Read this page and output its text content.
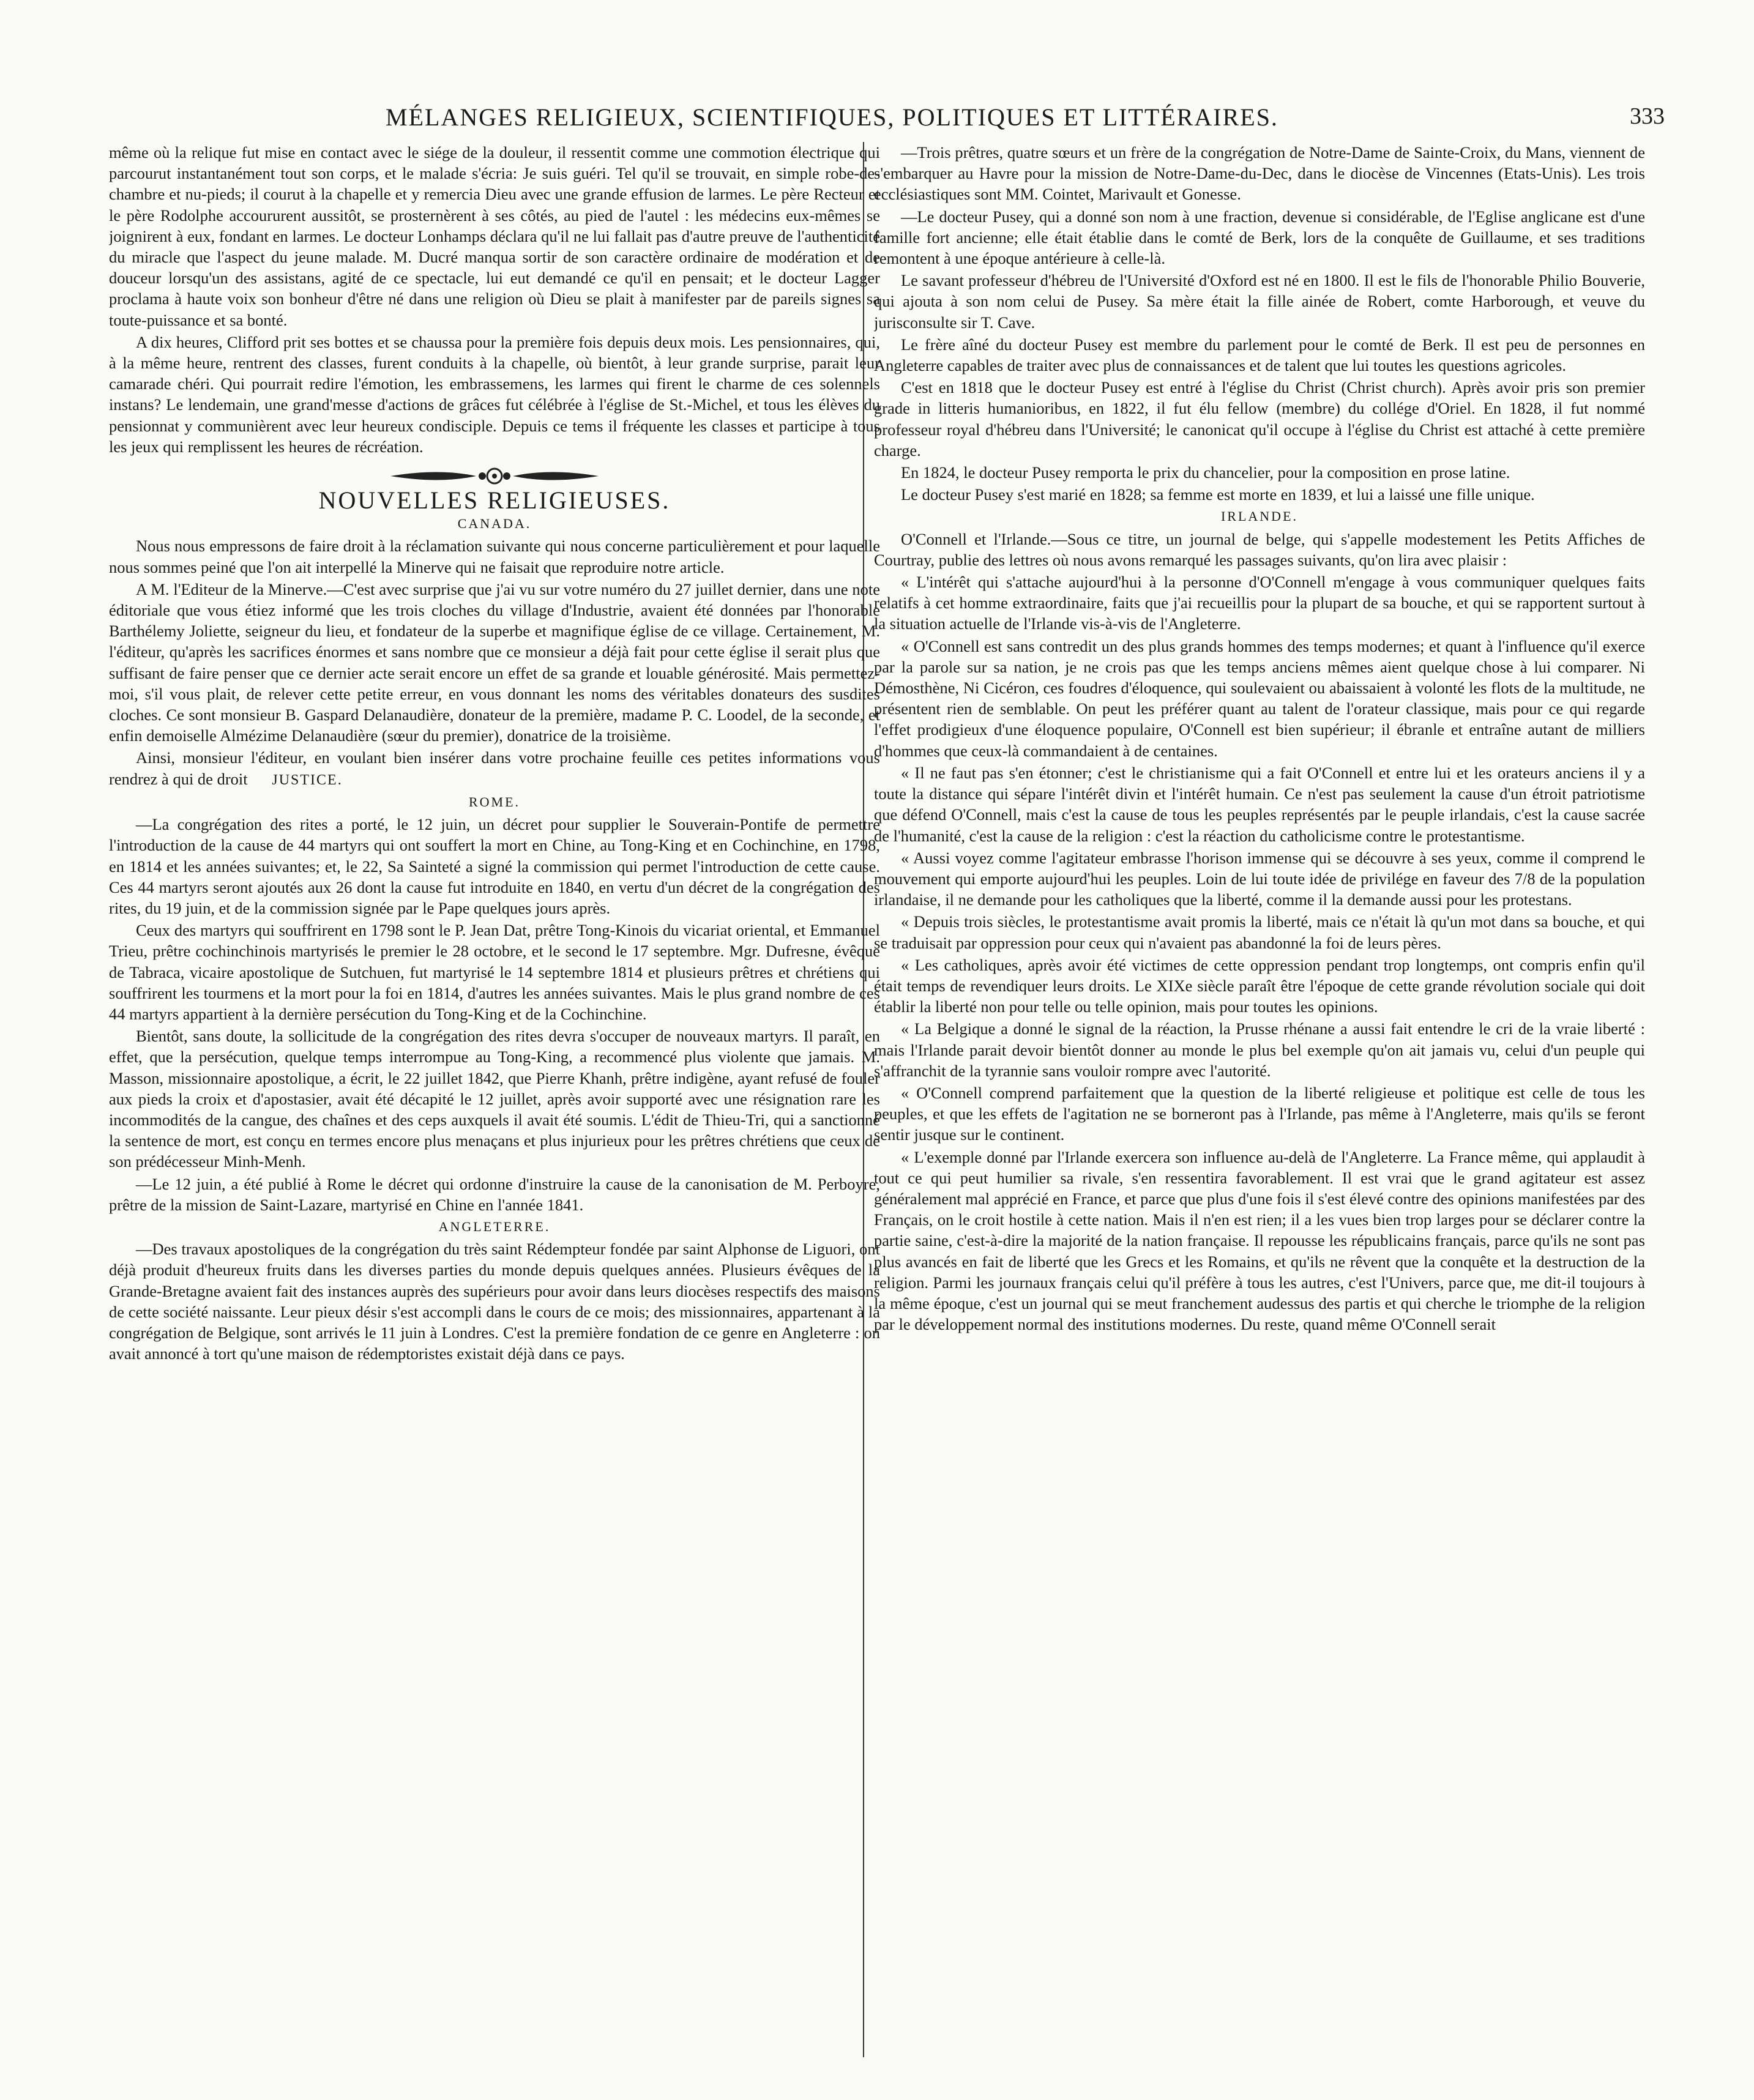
MÉLANGES RELIGIEUX, SCIENTIFIQUES, POLITIQUES ET LITTÉRAIRES.	333

même où la relique fut mise en contact avec le siége de la douleur, il ressentit comme une commotion électrique qui parcourut instantanément tout son corps, et le malade s'écria: Je suis guéri. Tel qu'il se trouvait, en simple robe-de-chambre et nu-pieds; il courut à la chapelle et y remercia Dieu avec une grande effusion de larmes. Le père Recteur et le père Rodolphe accoururent aussitôt, se prosternèrent à ses côtés, au pied de l'autel : les médecins eux-mêmes se joignirent à eux, fondant en larmes. Le docteur Lonhamps déclara qu'il ne lui fallait pas d'autre preuve de l'authenticité du miracle que l'aspect du jeune malade. M. Ducré manqua sortir de son caractère ordinaire de modération et de douceur lorsqu'un des assistans, agité de ce spectacle, lui eut demandé ce qu'il en pensait; et le docteur Lagger proclama à haute voix son bonheur d'être né dans une religion où Dieu se plait à manifester par de pareils signes sa toute-puissance et sa bonté.

A dix heures, Clifford prit ses bottes et se chaussa pour la première fois depuis deux mois. Les pensionnaires, qui, à la même heure, rentrent des classes, furent conduits à la chapelle, où bientôt, à leur grande surprise, parait leur camarade chéri. Qui pourrait redire l'émotion, les embrassemens, les larmes qui firent le charme de ces solennels instans? Le lendemain, une grand'messe d'actions de grâces fut célébrée à l'église de St.-Michel, et tous les élèves du pensionnat y communièrent avec leur heureux condisciple. Depuis ce tems il fréquente les classes et participe à tous les jeux qui remplissent les heures de récréation.

NOUVELLES RELIGIEUSES.
CANADA.

Nous nous empressons de faire droit à la réclamation suivante qui nous concerne particulièrement et pour laquelle nous sommes peiné que l'on ait interpellé la Minerve qui ne faisait que reproduire notre article.

A M. l'Editeur de la Minerve.—C'est avec surprise que j'ai vu sur votre numéro du 27 juillet dernier, dans une note éditoriale que vous étiez informé que les trois cloches du village d'Industrie, avaient été données par l'honorable Barthélemy Joliette, seigneur du lieu, et fondateur de la superbe et magnifique église de ce village. Certainement, M. l'éditeur, qu'après les sacrifices énormes et sans nombre que ce monsieur a déjà fait pour cette église il serait plus que suffisant de faire penser que ce dernier acte serait encore un effet de sa grande et louable générosité. Mais permettez-moi, s'il vous plait, de relever cette petite erreur, en vous donnant les noms des véritables donateurs des susdites cloches. Ce sont monsieur B. Gaspard Delanaudière, donateur de la première, madame P. C. Loodel, de la seconde, et enfin demoiselle Almézime Delanaudière (sœur du premier), donatrice de la troisième.

Ainsi, monsieur l'éditeur, en voulant bien insérer dans votre prochaine feuille ces petites informations vous rendrez à qui de droit JUSTICE.

ROME.

—La congrégation des rites a porté, le 12 juin, un décret pour supplier le Souverain-Pontife de permettre l'introduction de la cause de 44 martyrs qui ont souffert la mort en Chine, au Tong-King et en Cochinchine, en 1798, en 1814 et les années suivantes; et, le 22, Sa Sainteté a signé la commission qui permet l'introduction de cette cause. Ces 44 martyrs seront ajoutés aux 26 dont la cause fut introduite en 1840, en vertu d'un décret de la congrégation des rites, du 19 juin, et de la commission signée par le Pape quelques jours après.

Ceux des martyrs qui souffrirent en 1798 sont le P. Jean Dat, prêtre Tong-Kinois du vicariat oriental, et Emmanuel Trieu, prêtre cochinchinois martyrisés le premier le 28 octobre, et le second le 17 septembre. Mgr. Dufresne, évêque de Tabraca, vicaire apostolique de Sutchuen, fut martyrisé le 14 septembre 1814 et plusieurs prêtres et chrétiens qui souffrirent les tourmens et la mort pour la foi en 1814, d'autres les années suivantes. Mais le plus grand nombre de ces 44 martyrs appartient à la dernière persécution du Tong-King et de la Cochinchine.

Bientôt, sans doute, la sollicitude de la congrégation des rites devra s'occuper de nouveaux martyrs. Il paraît, en effet, que la persécution, quelque temps interrompue au Tong-King, a recommencé plus violente que jamais. M. Masson, missionnaire apostolique, a écrit, le 22 juillet 1842, que Pierre Khanh, prêtre indigène, ayant refusé de fouler aux pieds la croix et d'apostasier, avait été décapité le 12 juillet, après avoir supporté avec une résignation rare les incommodités de la cangue, des chaînes et des ceps auxquels il avait été soumis. L'édit de Thieu-Tri, qui a sanctionné la sentence de mort, est conçu en termes encore plus menaçans et plus injurieux pour les prêtres chrétiens que ceux de son prédécesseur Minh-Menh.

—Le 12 juin, a été publié à Rome le décret qui ordonne d'instruire la cause de la canonisation de M. Perboyre, prêtre de la mission de Saint-Lazare, martyrisé en Chine en l'année 1841.

ANGLETERRE.

—Des travaux apostoliques de la congrégation du très saint Rédempteur fondée par saint Alphonse de Liguori, ont déjà produit d'heureux fruits dans les diverses parties du monde depuis quelques années. Plusieurs évêques de la Grande-Bretagne avaient fait des instances auprès des supérieurs pour avoir dans leurs diocèses respectifs des maisons de cette société naissante. Leur pieux désir s'est accompli dans le cours de ce mois; des missionnaires, appartenant à la congrégation de Belgique, sont arrivés le 11 juin à Londres. C'est la première fondation de ce genre en Angleterre : on avait annoncé à tort qu'une maison de rédemptoristes existait déjà dans ce pays.

—Trois prêtres, quatre sœurs et un frère de la congrégation de Notre-Dame de Sainte-Croix, du Mans, viennent de s'embarquer au Havre pour la mission de Notre-Dame-du-Dec, dans le diocèse de Vincennes (Etats-Unis). Les trois ecclésiastiques sont MM. Cointet, Marivault et Gonesse.

—Le docteur Pusey, qui a donné son nom à une fraction, devenue si considérable, de l'Eglise anglicane est d'une famille fort ancienne; elle était établie dans le comté de Berk, lors de la conquête de Guillaume, et ses traditions remontent à une époque antérieure à celle-là.

Le savant professeur d'hébreu de l'Université d'Oxford est né en 1800. Il est le fils de l'honorable Philio Bouverie, qui ajouta à son nom celui de Pusey. Sa mère était la fille ainée de Robert, comte Harborough, et veuve du jurisconsulte sir T. Cave.

Le frère aîné du docteur Pusey est membre du parlement pour le comté de Berk. Il est peu de personnes en Angleterre capables de traiter avec plus de connaissances et de talent que lui toutes les questions agricoles.

C'est en 1818 que le docteur Pusey est entré à l'église du Christ (Christ church). Après avoir pris son premier grade in litteris humanioribus, en 1822, il fut élu fellow (membre) du collége d'Oriel. En 1828, il fut nommé professeur royal d'hébreu dans l'Université; le canonicat qu'il occupe à l'église du Christ est attaché à cette première charge.

En 1824, le docteur Pusey remporta le prix du chancelier, pour la composition en prose latine.

Le docteur Pusey s'est marié en 1828; sa femme est morte en 1839, et lui a laissé une fille unique.

IRLANDE.

O'Connell et l'Irlande.—Sous ce titre, un journal de belge, qui s'appelle modestement les Petits Affiches de Courtray, publie des lettres où nous avons remarqué les passages suivants, qu'on lira avec plaisir :

« L'intérêt qui s'attache aujourd'hui à la personne d'O'Connell m'engage à vous communiquer quelques faits relatifs à cet homme extraordinaire, faits que j'ai recueillis pour la plupart de sa bouche, et qui se rapportent surtout à la situation actuelle de l'Irlande vis-à-vis de l'Angleterre.

« O'Connell est sans contredit un des plus grands hommes des temps modernes; et quant à l'influence qu'il exerce par la parole sur sa nation, je ne crois pas que les temps anciens mêmes aient quelque chose à lui comparer. Ni Démosthène, Ni Cicéron, ces foudres d'éloquence, qui soulevaient ou abaissaient à volonté les flots de la multitude, ne présentent rien de semblable. On peut les préférer quant au talent de l'orateur classique, mais pour ce qui regarde l'effet prodigieux d'une éloquence populaire, O'Connell est bien supérieur; il ébranle et entraîne autant de milliers d'hommes que ceux-là commandaient à de centaines.

« Il ne faut pas s'en étonner; c'est le christianisme qui a fait O'Connell et entre lui et les orateurs anciens il y a toute la distance qui sépare l'intérêt divin et l'intérêt humain. Ce n'est pas seulement la cause d'un étroit patriotisme que défend O'Connell, mais c'est la cause de tous les peuples représentés par le peuple irlandais, c'est la cause sacrée de l'humanité, c'est la cause de la religion : c'est la réaction du catholicisme contre le protestantisme.

« Aussi voyez comme l'agitateur embrasse l'horison immense qui se découvre à ses yeux, comme il comprend le mouvement qui emporte aujourd'hui les peuples. Loin de lui toute idée de privilége en faveur des 7/8 de la population irlandaise, il ne demande pour les catholiques que la liberté, comme il la demande aussi pour les protestans.

« Depuis trois siècles, le protestantisme avait promis la liberté, mais ce n'était là qu'un mot dans sa bouche, et qui se traduisait par oppression pour ceux qui n'avaient pas abandonné la foi de leurs pères.

« Les catholiques, après avoir été victimes de cette oppression pendant trop longtemps, ont compris enfin qu'il était temps de revendiquer leurs droits. Le XIXe siècle paraît être l'époque de cette grande révolution sociale qui doit établir la liberté non pour telle ou telle opinion, mais pour toutes les opinions.

« La Belgique a donné le signal de la réaction, la Prusse rhénane a aussi fait entendre le cri de la vraie liberté : mais l'Irlande parait devoir bientôt donner au monde le plus bel exemple qu'on ait jamais vu, celui d'un peuple qui s'affranchit de la tyrannie sans vouloir rompre avec l'autorité.

« O'Connell comprend parfaitement que la question de la liberté religieuse et politique est celle de tous les peuples, et que les effets de l'agitation ne se borneront pas à l'Irlande, pas même à l'Angleterre, mais qu'ils se feront sentir jusque sur le continent.

« L'exemple donné par l'Irlande exercera son influence au-delà de l'Angleterre. La France même, qui applaudit à tout ce qui peut humilier sa rivale, s'en ressentira favorablement. Il est vrai que le grand agitateur est assez généralement mal apprécié en France, et parce que plus d'une fois il s'est élevé contre des opinions manifestées par des Français, on le croit hostile à cette nation. Mais il n'en est rien; il a les vues bien trop larges pour se déclarer contre la partie saine, c'est-à-dire la majorité de la nation française. Il repousse les républicains français, parce qu'ils ne sont pas plus avancés en fait de liberté que les Grecs et les Romains, et qu'ils ne rêvent que la conquête et la destruction de la religion. Parmi les journaux français celui qu'il préfère à tous les autres, c'est l'Univers, parce que, me dit-il toujours à la même époque, c'est un journal qui se meut franchement audessus des partis et qui cherche le triomphe de la religion par le développement normal des institutions modernes. Du reste, quand même O'Connell serait
